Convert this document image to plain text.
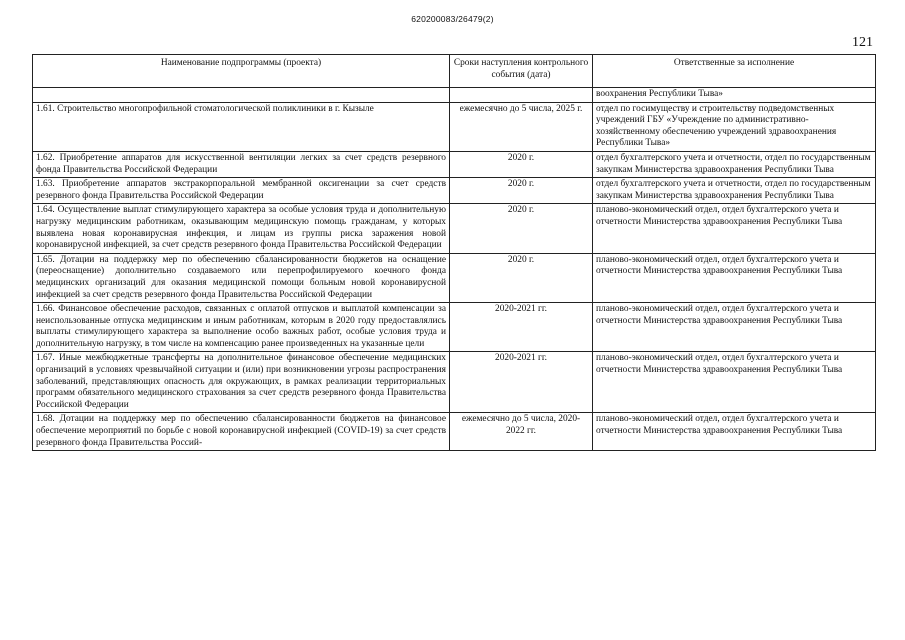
620200083/26479(2)
121
Наименование подпрограммы (проекта)	Сроки наступления контрольного события (дата)	Ответственные за исполнение
		воохранения Республики Тыва»
1.61. Строительство многопрофильной стоматологической поликлиники в г. Кызыле	ежемесячно до 5 числа, 2025 г.	отдел по госимуществу и строительству подведомственных учреждений ГБУ «Учреждение по административно-хозяйственному обеспечению учреждений здравоохранения Республики Тыва»
1.62. Приобретение аппаратов для искусственной вентиляции легких за счет средств резервного фонда Правительства Российской Федерации	2020 г.	отдел бухгалтерского учета и отчетности, отдел по государственным закупкам Министерства здравоохранения Республики Тыва
1.63. Приобретение аппаратов экстракорпоральной мембранной оксигенации за счет средств резервного фонда Правительства Российской Федерации	2020 г.	отдел бухгалтерского учета и отчетности, отдел по государственным закупкам Министерства здравоохранения Республики Тыва
1.64. Осуществление выплат стимулирующего характера за особые условия труда и дополнительную нагрузку медицинским работникам, оказывающим медицинскую помощь гражданам, у которых выявлена новая коронавирусная инфекция, и лицам из группы риска заражения новой коронавирусной инфекцией, за счет средств резервного фонда Правительства Российской Федерации	2020 г.	планово-экономический отдел, отдел бухгалтерского учета и отчетности Министерства здравоохранения Республики Тыва
1.65. Дотации на поддержку мер по обеспечению сбалансированности бюджетов на оснащение (переоснащение) дополнительно создаваемого или перепрофилируемого коечного фонда медицинских организаций для оказания медицинской помощи больным новой коронавирусной инфекцией за счет средств резервного фонда Правительства Российской Федерации	2020 г.	планово-экономический отдел, отдел бухгалтерского учета и отчетности Министерства здравоохранения Республики Тыва
1.66. Финансовое обеспечение расходов, связанных с оплатой отпусков и выплатой компенсации за неиспользованные отпуска медицинским и иным работникам, которым в 2020 году предоставлялись выплаты стимулирующего характера за выполнение особо важных работ, особые условия труда и дополнительную нагрузку, в том числе на компенсацию ранее произведенных на указанные цели	2020-2021 гг.	планово-экономический отдел, отдел бухгалтерского учета и отчетности Министерства здравоохранения Республики Тыва
1.67. Иные межбюджетные трансферты на дополнительное финансовое обеспечение медицинских организаций в условиях чрезвычайной ситуации и (или) при возникновении угрозы распространения заболеваний, представляющих опасность для окружающих, в рамках реализации территориальных программ обязательного медицинского страхования за счет средств резервного фонда Правительства Российской Федерации	2020-2021 гг.	планово-экономический отдел, отдел бухгалтерского учета и отчетности Министерства здравоохранения Республики Тыва
1.68. Дотации на поддержку мер по обеспечению сбалансированности бюджетов на финансовое обеспечение мероприятий по борьбе с новой коронавирусной инфекцией (COVID-19) за счет средств резервного фонда Правительства Россий-	ежемесячно до 5 числа, 2020-2022 гг.	планово-экономический отдел, отдел бухгалтерского учета и отчетности Министерства здравоохранения Республики Тыва
